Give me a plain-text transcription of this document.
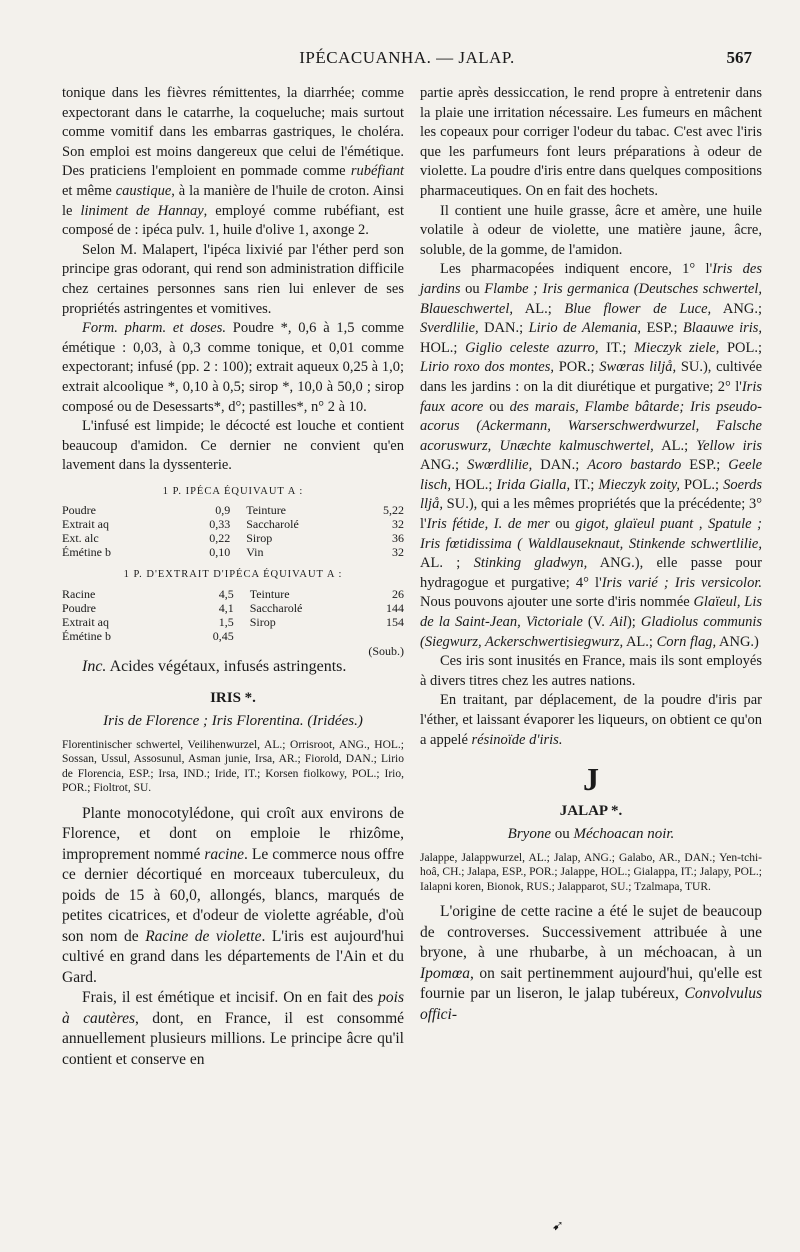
IPÉCACUANHA. — JALAP.	567

tonique dans les fièvres rémittentes, la diarrhée; comme expectorant dans le catarrhe, la coqueluche; mais surtout comme vomitif dans les embarras gastriques, le choléra. Son emploi est moins dangereux que celui de l'émétique. Des praticiens l'emploient en pommade comme rubéfiant et même caustique, à la manière de l'huile de croton. Ainsi le liniment de Hannay, employé comme rubéfiant, est composé de : ipéca pulv. 1, huile d'olive 1, axonge 2.

Selon M. Malapert, l'ipéca lixivié par l'éther perd son principe gras odorant, qui rend son administration difficile chez certaines personnes sans rien lui enlever de ses propriétés astringentes et vomitives.

Form. pharm. et doses. Poudre *, 0,6 à 1,5 comme émétique : 0,03, à 0,3 comme tonique, et 0,01 comme expectorant; infusé (pp. 2 : 100); extrait aqueux 0,25 à 1,0; extrait alcoolique *, 0,10 à 0,5; sirop *, 10,0 à 50,0 ; sirop composé ou de Desessarts*, d°; pastilles*, n° 2 à 10.

L'infusé est limpide; le décocté est louche et contient beaucoup d'amidon. Ce dernier ne convient qu'en lavement dans la dyssenterie.

1 P. IPÉCA ÉQUIVAUT A :
Poudre	0,9	Teinture	5,22
Extrait aq	0,33	Saccharolé	32
Ext. alc	0,22	Sirop	36
Émétine b	0,10	Vin	32
1 P. D'EXTRAIT D'IPÉCA ÉQUIVAUT A :
Racine	4,5	Teinture	26
Poudre	4,1	Saccharolé	144
Extrait aq	1,5	Sirop	154
Émétine b	0,45		
(Soub.)

Inc. Acides végétaux, infusés astringents.

IRIS *.
Iris de Florence ; Iris Florentina. (Iridées.)
Florentinischer schwertel, Veilihenwurzel, AL.; Orrisroot, ANG., HOL.; Sossan, Ussul, Assosunul, Asman junie, Irsa, AR.; Fiorold, DAN.; Lirio de Florencia, ESP.; Irsa, IND.; Iride, IT.; Korsen fiolkowy, POL.; Irio, POR.; Fioltrot, SU.

Plante monocotylédone, qui croît aux environs de Florence, et dont on emploie le rhizôme, improprement nommé racine. Le commerce nous offre ce dernier décortiqué en morceaux tuberculeux, du poids de 15 à 60,0, allongés, blancs, marqués de petites cicatrices, et d'odeur de violette agréable, d'où son nom de Racine de violette. L'iris est aujourd'hui cultivé en grand dans les départements de l'Ain et du Gard.

Frais, il est émétique et incisif. On en fait des pois à cautères, dont, en France, il est consommé annuellement plusieurs millions. Le principe âcre qu'il contient et conserve en

partie après dessiccation, le rend propre à entretenir dans la plaie une irritation nécessaire. Les fumeurs en mâchent les copeaux pour corriger l'odeur du tabac. C'est avec l'iris que les parfumeurs font leurs préparations à odeur de violette. La poudre d'iris entre dans quelques compositions pharmaceutiques. On en fait des hochets.

Il contient une huile grasse, âcre et amère, une huile volatile à odeur de violette, une matière jaune, âcre, soluble, de la gomme, de l'amidon.

Les pharmacopées indiquent encore, 1° l'Iris des jardins ou Flambe ; Iris germanica (Deutsches schwertel, Blaueschwertel, AL.; Blue flower de Luce, ANG.; Sverdlilie, DAN.; Lirio de Alemania, ESP.; Blaauwe iris, HOL.; Giglio celeste azurro, IT.; Mieczyk ziele, POL.; Lirio roxo dos montes, POR.; Swœras liljå, SU.), cultivée dans les jardins : on la dit diurétique et purgative; 2° l'Iris faux acore ou des marais, Flambe bâtarde; Iris pseudo-acorus (Ackermann, Warserschwerdwurzel, Falsche acoruswurz, Unæchte kalmuschwertel, AL.; Yellow iris ANG.; Swœrdlilie, DAN.; Acoro bastardo ESP.; Geele lisch, HOL.; Irida Gialla, IT.; Mieczyk zoity, POL.; Soerds lljå, SU.), qui a les mêmes propriétés que la précédente; 3° l'Iris fétide, I. de mer ou gigot, glaïeul puant , Spatule ; Iris fœtidissima ( Waldlauseknaut, Stinkende schwertlilie, AL. ; Stinking gladwyn, ANG.), elle passe pour hydragogue et purgative; 4° l'Iris varié ; Iris versicolor. Nous pouvons ajouter une sorte d'iris nommée Glaïeul, Lis de la Saint-Jean, Victoriale (V. Ail); Gladiolus communis (Siegwurz, Ackerschwertisiegwurz, AL.; Corn flag, ANG.)

Ces iris sont inusités en France, mais ils sont employés à divers titres chez les autres nations.

En traitant, par déplacement, de la poudre d'iris par l'éther, et laissant évaporer les liqueurs, on obtient ce qu'on a appelé résinoïde d'iris.

J
JALAP *.
Bryone ou Méchoacan noir.
Jalappe, Jalappwurzel, AL.; Jalap, ANG.; Galabo, AR., DAN.; Yen-tchi-hoâ, CH.; Jalapa, ESP., POR.; Jalappe, HOL.; Gialappa, IT.; Jalapy, POL.; Ialapni koren, Bionok, RUS.; Jalapparot, SU.; Tzalmapa, TUR.

L'origine de cette racine a été le sujet de beaucoup de controverses. Successivement attribuée à une bryone, à une rhubarbe, à un méchoacan, à un Ipomœa, on sait pertinemment aujourd'hui, qu'elle est fournie par un liseron, le jalap tubéreux, Convolvulus offici-

➹
